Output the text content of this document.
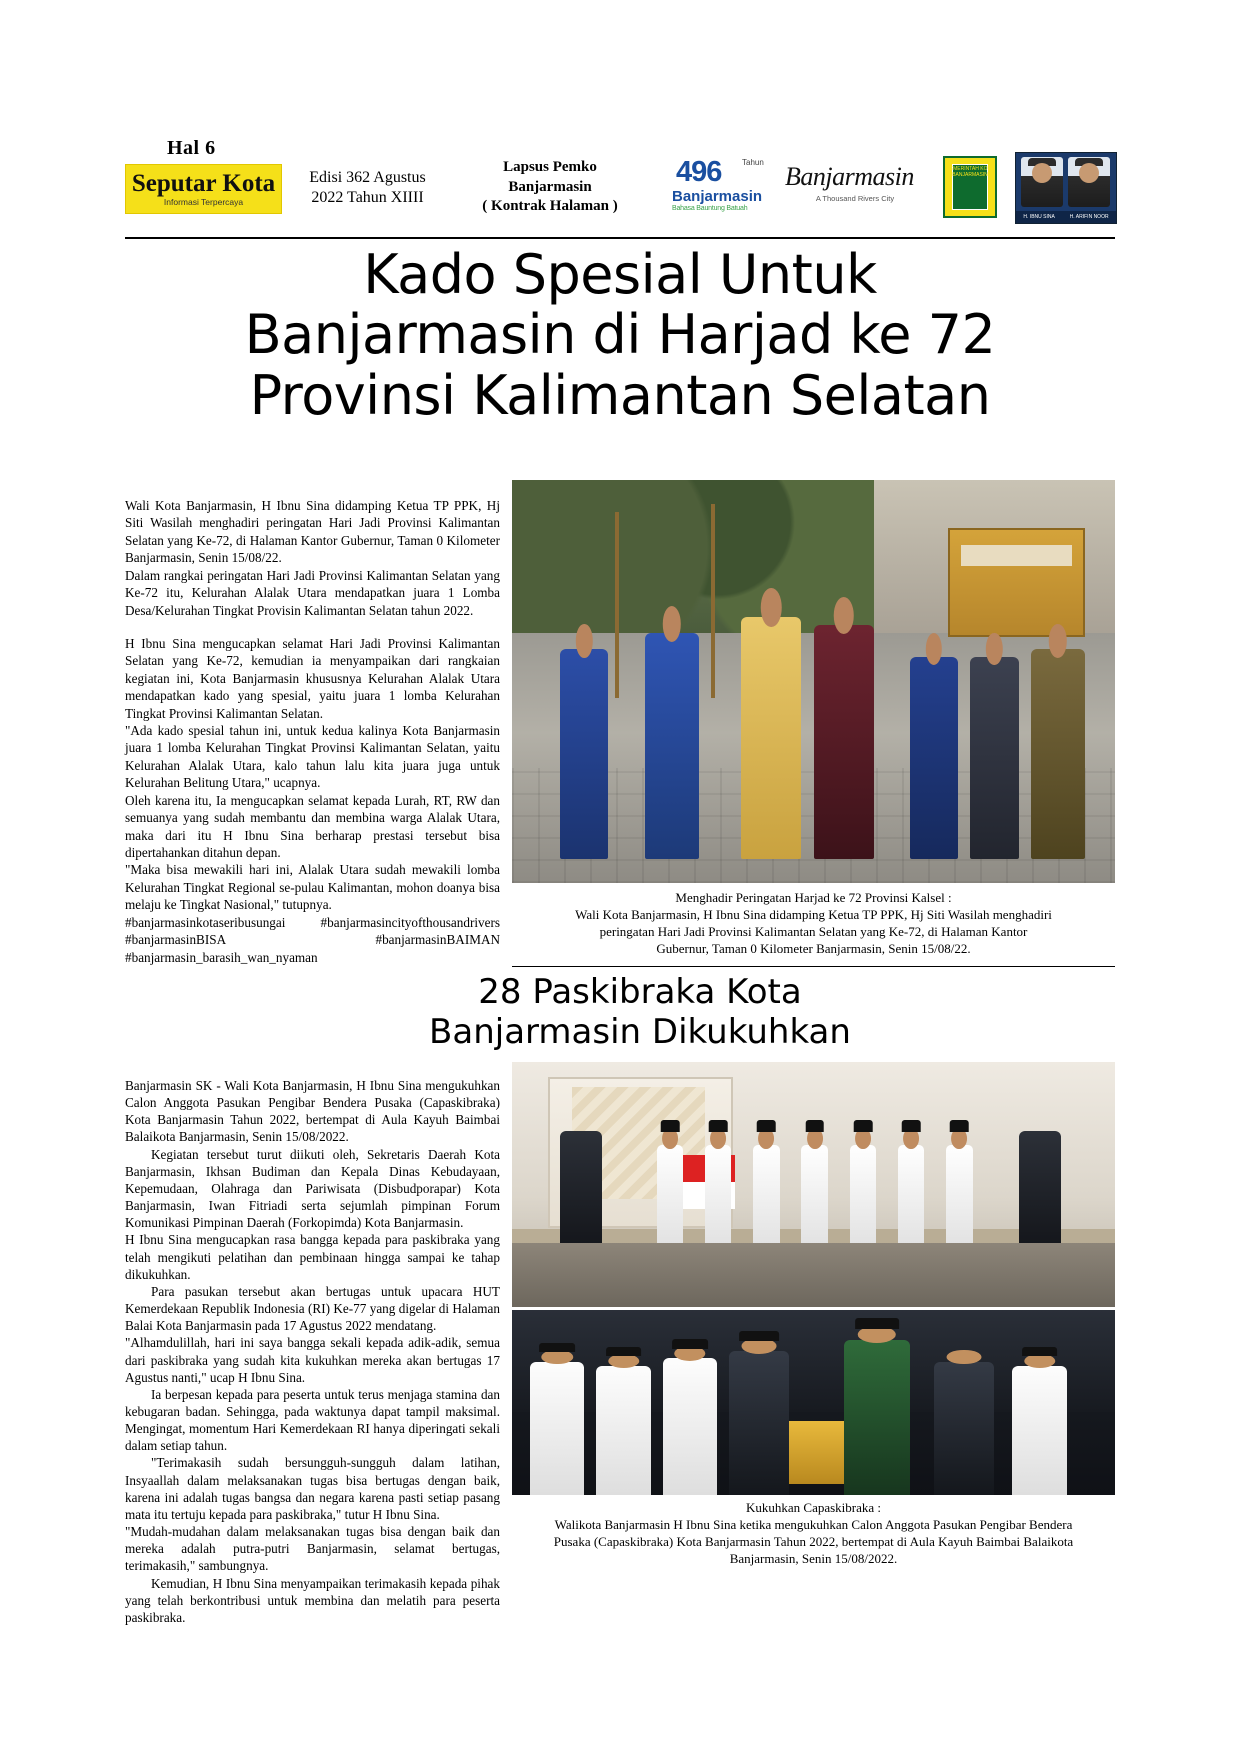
Hal 6
Seputar Kota
Informasi Terpercaya
Edisi 362 Agustus
2022 Tahun XIIII
Lapsus Pemko
Banjarmasin
( Kontrak Halaman )
496	Tahun
Banjarmasin
Bahasa Bauntung Batuah
Banjarmasin
A Thousand Rivers City
PEMERINTAH KOTA BANJARMASIN
H. IBNU SINA	H. ARIFIN NOOR
Kado Spesial Untuk
Banjarmasin di Harjad ke 72
Provinsi Kalimantan Selatan

Wali Kota Banjarmasin, H Ibnu Sina didamping Ketua TP PPK, Hj Siti Wasilah menghadiri peringatan Hari Jadi Provinsi Kalimantan Selatan yang Ke-72, di Halaman Kantor Gubernur, Taman 0 Kilometer Banjarmasin, Senin 15/08/22.

Dalam rangkai peringatan Hari Jadi Provinsi Kalimantan Selatan yang Ke-72 itu, Kelurahan Alalak Utara mendapatkan juara 1 Lomba Desa/Kelurahan Tingkat Provisin Kalimantan Selatan tahun 2022.

H Ibnu Sina mengucapkan selamat Hari Jadi Provinsi Kalimantan Selatan yang Ke-72, kemudian ia menyampaikan dari rangkaian kegiatan ini, Kota Banjarmasin khususnya Kelurahan Alalak Utara mendapatkan kado yang spesial, yaitu juara 1 lomba Kelurahan Tingkat Provinsi Kalimantan Selatan.

"Ada kado spesial tahun ini, untuk kedua kalinya Kota Banjarmasin juara 1 lomba Kelurahan Tingkat Provinsi Kalimantan Selatan, yaitu Kelurahan Alalak Utara, kalo tahun lalu kita juara juga untuk Kelurahan Belitung Utara," ucapnya.

Oleh karena itu, Ia mengucapkan selamat kepada Lurah, RT, RW dan semuanya yang sudah membantu dan membina warga Alalak Utara, maka dari itu H Ibnu Sina berharap prestasi tersebut bisa dipertahankan ditahun depan.

"Maka bisa mewakili hari ini, Alalak Utara sudah mewakili lomba Kelurahan Tingkat Regional se-pulau Kalimantan, mohon doanya bisa melaju ke Tingkat Nasional," tutupnya.

#banjarmasinkotaseribusungai #banjarmasincityofthousandrivers #banjarmasinBISA #banjarmasinBAIMAN #banjarmasin_barasih_wan_nyaman

Menghadir Peringatan Harjad ke 72 Provinsi Kalsel :
Wali Kota Banjarmasin, H Ibnu Sina didamping Ketua TP PPK, Hj Siti Wasilah menghadiri
peringatan Hari Jadi Provinsi Kalimantan Selatan yang Ke-72, di Halaman Kantor
Gubernur, Taman 0 Kilometer Banjarmasin, Senin 15/08/22.
28 Paskibraka Kota
Banjarmasin Dikukuhkan

Banjarmasin SK - Wali Kota Banjarmasin, H Ibnu Sina mengukuhkan Calon Anggota Pasukan Pengibar Bendera Pusaka (Capaskibraka) Kota Banjarmasin Tahun 2022, bertempat di Aula Kayuh Baimbai Balaikota Banjarmasin, Senin 15/08/2022.

Kegiatan tersebut turut diikuti oleh, Sekretaris Daerah Kota Banjarmasin, Ikhsan Budiman dan Kepala Dinas Kebudayaan, Kepemudaan, Olahraga dan Pariwisata (Disbudporapar) Kota Banjarmasin, Iwan Fitriadi serta sejumlah pimpinan Forum Komunikasi Pimpinan Daerah (Forkopimda) Kota Banjarmasin.

H Ibnu Sina mengucapkan rasa bangga kepada para paskibraka yang telah mengikuti pelatihan dan pembinaan hingga sampai ke tahap dikukuhkan.

Para pasukan tersebut akan bertugas untuk upacara HUT Kemerdekaan Republik Indonesia (RI) Ke-77 yang digelar di Halaman Balai Kota Banjarmasin pada 17 Agustus 2022 mendatang.

"Alhamdulillah, hari ini saya bangga sekali kepada adik-adik, semua dari paskibraka yang sudah kita kukuhkan mereka akan bertugas 17 Agustus nanti," ucap H Ibnu Sina.

Ia berpesan kepada para peserta untuk terus menjaga stamina dan kebugaran badan. Sehingga, pada waktunya dapat tampil maksimal. Mengingat, momentum Hari Kemerdekaan RI hanya diperingati sekali dalam setiap tahun.

"Terimakasih sudah bersungguh-sungguh dalam latihan, Insyaallah dalam melaksanakan tugas bisa bertugas dengan baik, karena ini adalah tugas bangsa dan negara karena pasti setiap pasang mata itu tertuju kepada para paskibraka," tutur H Ibnu Sina.

"Mudah-mudahan dalam melaksanakan tugas bisa dengan baik dan mereka adalah putra-putri Banjarmasin, selamat bertugas, terimakasih," sambungnya.

Kemudian, H Ibnu Sina menyampaikan terimakasih kepada pihak yang telah berkontribusi untuk membina dan melatih para peserta paskibraka.

Kukuhkan Capaskibraka :
Walikota Banjarmasin H Ibnu Sina ketika mengukuhkan Calon Anggota Pasukan Pengibar Bendera
Pusaka (Capaskibraka) Kota Banjarmasin Tahun 2022, bertempat di Aula Kayuh Baimbai Balaikota
Banjarmasin, Senin 15/08/2022.
